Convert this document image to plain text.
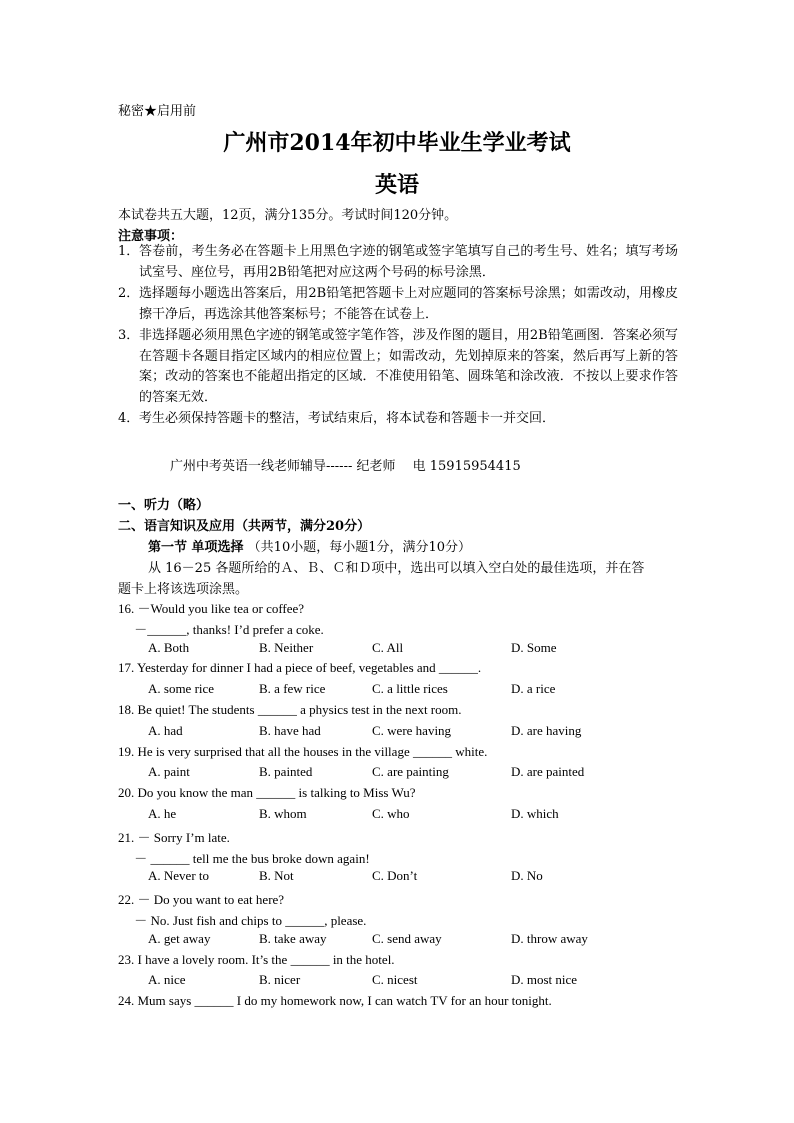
秘密★启用前
广州市2014年初中毕业生学业考试
英语
本试卷共五大题，12页，满分135分。考试时间120分钟。
注意事项：
1． 答卷前，考生务必在答题卡上用黑色字迹的钢笔或签字笔填写自己的考生号、姓名；填写考场试室号、座位号，再用2B铅笔把对应这两个号码的标号涂黑．
2． 选择题每小题选出答案后，用2B铅笔把答题卡上对应题同的答案标号涂黑；如需改动，用橡皮擦干净后，再选涂其他答案标号；不能答在试卷上．
3． 非选择题必须用黑色字迹的钢笔或签字笔作答，涉及作图的题目，用2B铅笔画图．答案必须写在答题卡各题目指定区域内的相应位置上；如需改动，先划掉原来的答案，然后再写上新的答案；改动的答案也不能超出指定的区域．不准使用铅笔、圆珠笔和涂改液．不按以上要求作答的答案无效．
4． 考生必须保持答题卡的整洁，考试结束后，将本试卷和答题卡一并交回．
广州中考英语一线老师辅导------ 纪老师　 电 15915954415
一、听力（略）
二、语言知识及应用（共两节，满分20分）
第一节 单项选择 （共10小题，每小题1分，满分10分）
从 16－25 各题所给的Ａ、Ｂ、Ｃ和Ｄ项中，选出可以填入空白处的最佳选项，并在答
题卡上将该选项涂黑。
16. －Would you like tea or coffee?
　 －______, thanks! I’d prefer a coke.
A. Both	B. Neither	C. All	D. Some
17. Yesterday for dinner I had a piece of beef, vegetables and ______.
A. some rice	B. a few rice	C. a little rices	D. a rice
18. Be quiet! The students ______ a physics test in the next room.
A. had	B. have had	C. were having	D. are having
19. He is very surprised that all the houses in the village ______ white.
A. paint	B. painted	C. are painting	D. are painted
20. Do you know the man ______ is talking to Miss Wu?
A. he	B. whom	C. who	D. which
21. － Sorry I’m late.
　 － ______ tell me the bus broke down again!
A. Never to	B. Not	C. Don’t	D. No
22. － Do you want to eat here?
　 － No. Just fish and chips to ______, please.
A. get away	B. take away	C. send away	D. throw away
23. I have a lovely room. It’s the ______ in the hotel.
A. nice	B. nicer	C. nicest	D. most nice
24. Mum says ______ I do my homework now, I can watch TV for an hour tonight.
